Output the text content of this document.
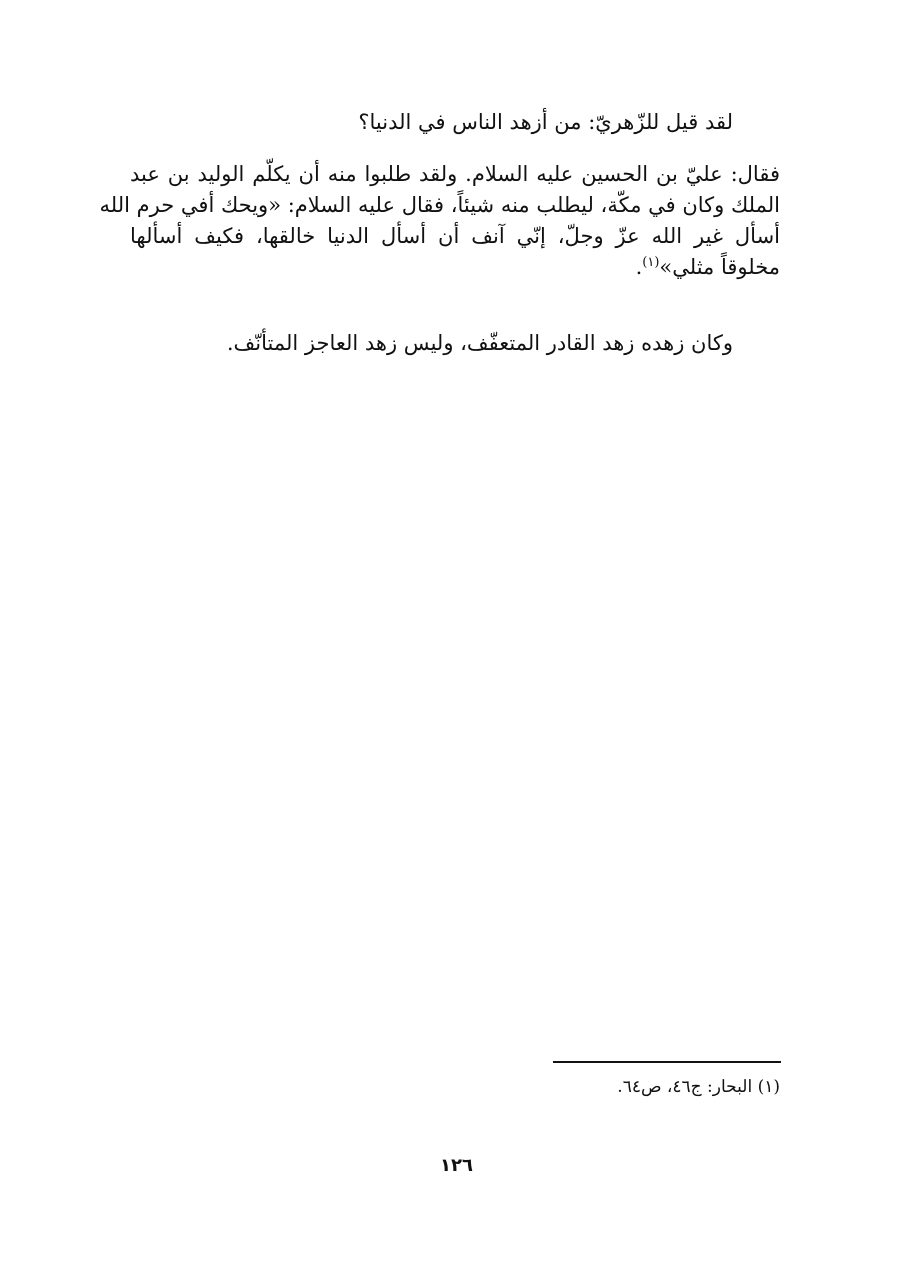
لقد قيل للزّهريّ: من أزهد الناس في الدنيا؟

فقال: عليّ بن الحسين عليه السلام. ولقد طلبوا منه أن يكلّم الوليد بن عبد
الملك وكان في مكّة، ليطلب منه شيئاً، فقال عليه السلام: «ويحك أفي حرم الله
أسأل غير الله عزّ وجلّ، إنّي آنف أن أسأل الدنيا خالقها، فكيف أسألها
مخلوقاً مثلي»$^{(١)}$.

وكان زهده زهد القادر المتعفّف، وليس زهد العاجز المتأنّف.

(١) البحار: ج٤٦، ص٦٤.
١٢٦
